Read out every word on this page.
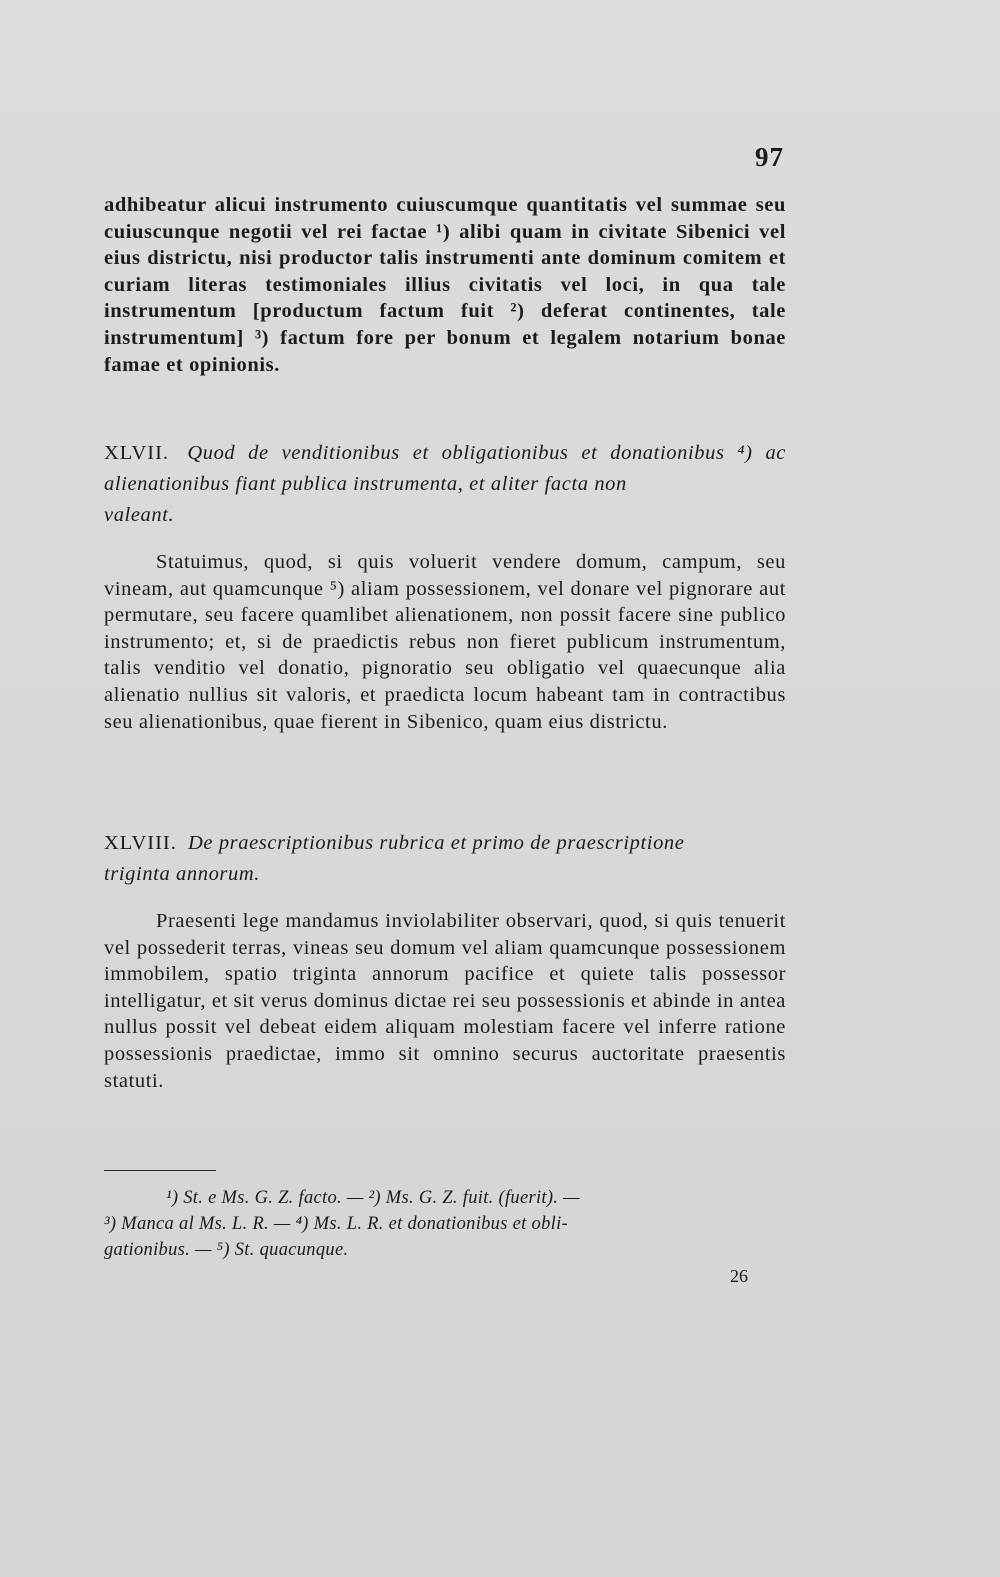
97

adhibeatur alicui instrumento cuiuscumque quantitatis vel summae seu cuiuscunque negotii vel rei factae ¹) alibi quam in civitate Sibenici vel eius districtu, nisi productor talis instrumenti ante dominum comitem et curiam literas testimoniales illius civitatis vel loci, in qua tale instrumentum [productum factum fuit ²) deferat continentes, tale instrumentum] ³) factum fore per bonum et legalem notarium bonae famae et opinionis.

XLVII. Quod de venditionibus et obligationibus et donationibus ⁴) ac alienationibus fiant publica instrumenta, et aliter facta non
valeant.

Statuimus, quod, si quis voluerit vendere domum, campum, seu vineam, aut quamcunque ⁵) aliam possessionem, vel donare vel pignorare aut permutare, seu facere quamlibet alienationem, non possit facere sine publico instrumento; et, si de praedictis rebus non fieret publicum instrumentum, talis venditio vel donatio, pignoratio seu obligatio vel quaecunque alia alienatio nullius sit valoris, et praedicta locum habeant tam in contractibus seu alienationibus, quae fierent in Sibenico, quam eius districtu.

XLVIII. De praescriptionibus rubrica et primo de praescriptione
triginta annorum.

Praesenti lege mandamus inviolabiliter observari, quod, si quis tenuerit vel possederit terras, vineas seu domum vel aliam quamcunque possessionem immobilem, spatio triginta annorum pacifice et quiete talis possessor intelligatur, et sit verus dominus dictae rei seu possessionis et abinde in antea nullus possit vel debeat eidem aliquam molestiam facere vel inferre ratione possessionis praedictae, immo sit omnino securus auctoritate praesentis statuti.

¹) St. e Ms. G. Z. facto. — ²) Ms. G. Z. fuit. (fuerit). —
³) Manca al Ms. L. R. — ⁴) Ms. L. R. et donationibus et obli-
gationibus. — ⁵) St. quacunque.
26
